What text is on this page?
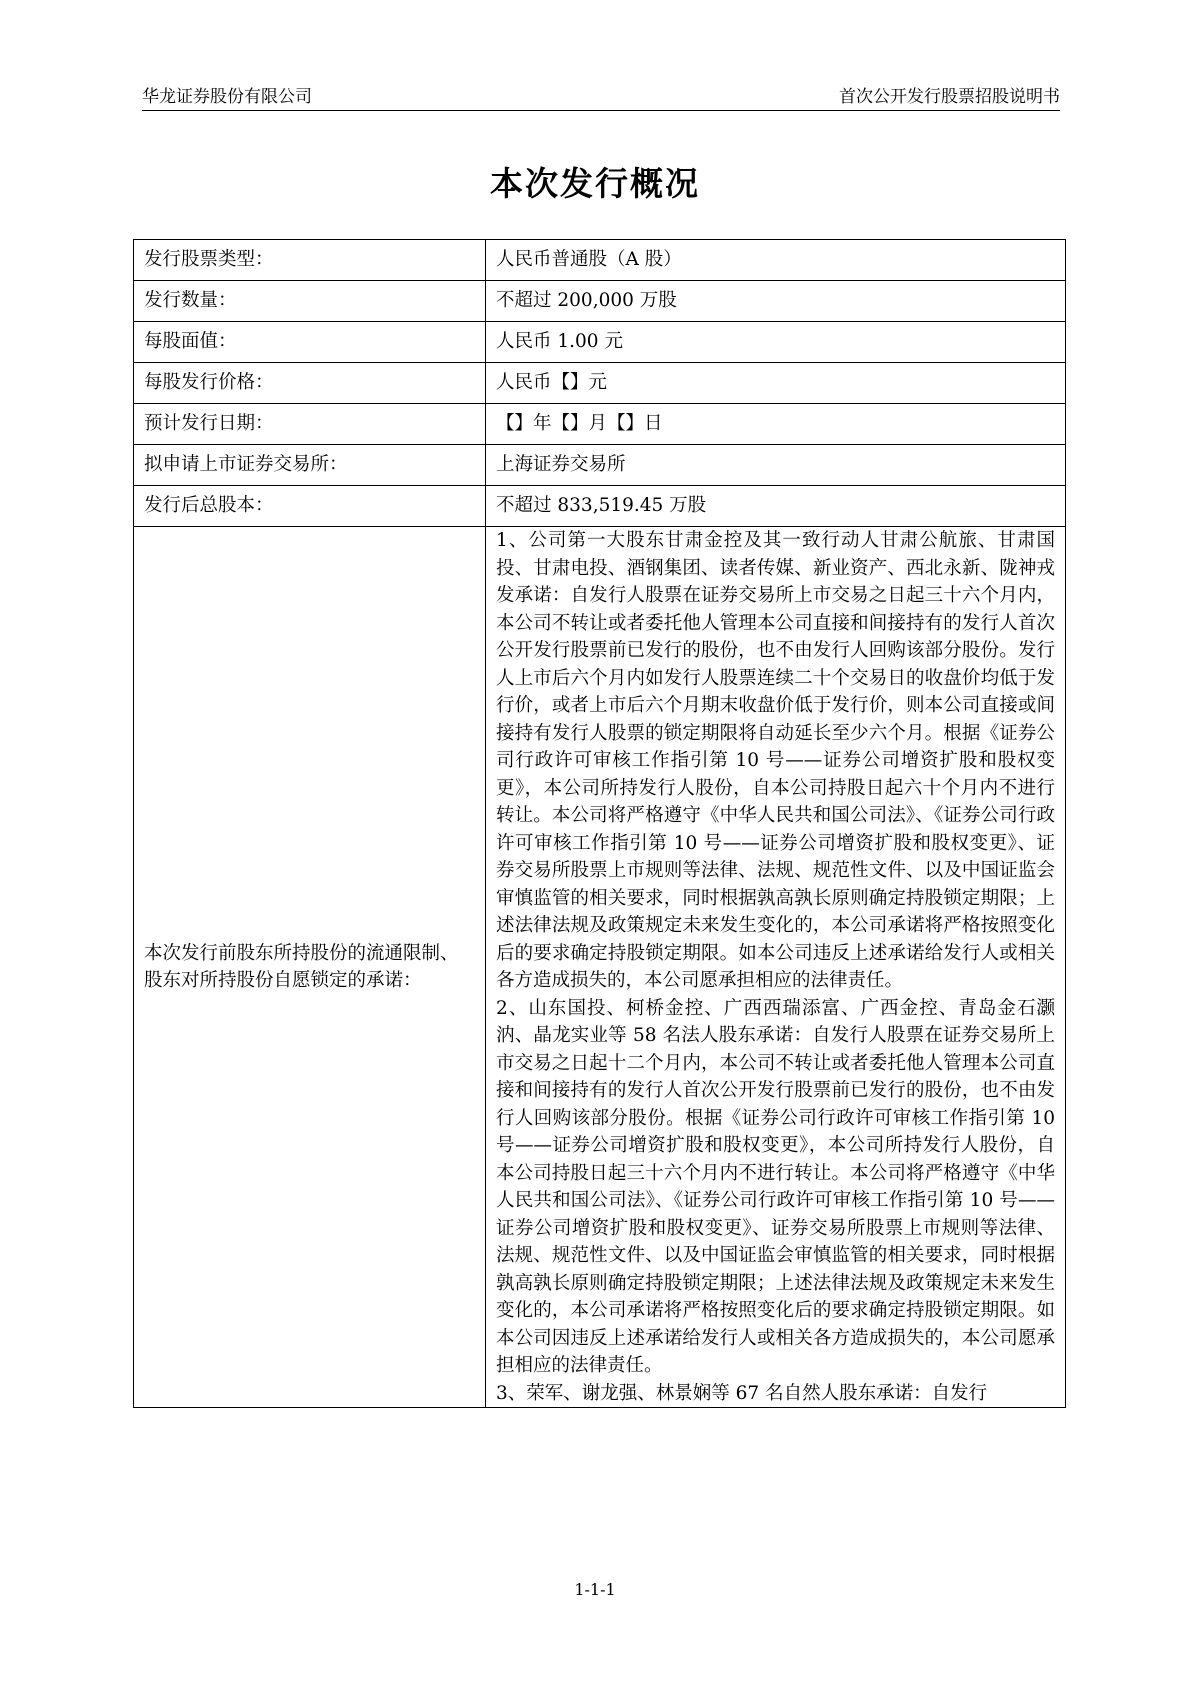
华龙证券股份有限公司	首次公开发行股票招股说明书
本次发行概况
发行股票类型：	人民币普通股（A 股）
发行数量：	不超过 200,000 万股
每股面值：	人民币 1.00 元
每股发行价格：	人民币【】元
预计发行日期：	【】年【】月【】日
拟申请上市证券交易所：	上海证券交易所
发行后总股本：	不超过 833,519.45 万股
本次发行前股东所持股份的流通限制、股东对所持股份自愿锁定的承诺：	1、公司第一大股东甘肃金控及其一致行动人甘肃公航旅、甘肃国投、甘肃电投、酒钢集团、读者传媒、新业资产、西北永新、陇神戎发承诺：自发行人股票在证券交易所上市交易之日起三十六个月内，本公司不转让或者委托他人管理本公司直接和间接持有的发行人首次公开发行股票前已发行的股份，也不由发行人回购该部分股份。发行人上市后六个月内如发行人股票连续二十个交易日的收盘价均低于发行价，或者上市后六个月期末收盘价低于发行价，则本公司直接或间接持有发行人股票的锁定期限将自动延长至少六个月。根据《证券公司行政许可审核工作指引第 10 号——证券公司增资扩股和股权变更》，本公司所持发行人股份，自本公司持股日起六十个月内不进行转让。本公司将严格遵守《中华人民共和国公司法》、《证券公司行政许可审核工作指引第 10 号——证券公司增资扩股和股权变更》、证券交易所股票上市规则等法律、法规、规范性文件、以及中国证监会审慎监管的相关要求，同时根据孰高孰长原则确定持股锁定期限；上述法律法规及政策规定未来发生变化的，本公司承诺将严格按照变化后的要求确定持股锁定期限。如本公司违反上述承诺给发行人或相关各方造成损失的，本公司愿承担相应的法律责任。

2、山东国投、柯桥金控、广西西瑞添富、广西金控、青岛金石灏汭、晶龙实业等 58 名法人股东承诺：自发行人股票在证券交易所上市交易之日起十二个月内，本公司不转让或者委托他人管理本公司直接和间接持有的发行人首次公开发行股票前已发行的股份，也不由发行人回购该部分股份。根据《证券公司行政许可审核工作指引第 10 号——证券公司增资扩股和股权变更》，本公司所持发行人股份，自本公司持股日起三十六个月内不进行转让。本公司将严格遵守《中华人民共和国公司法》、《证券公司行政许可审核工作指引第 10 号——证券公司增资扩股和股权变更》、证券交易所股票上市规则等法律、法规、规范性文件、以及中国证监会审慎监管的相关要求，同时根据孰高孰长原则确定持股锁定期限；上述法律法规及政策规定未来发生变化的，本公司承诺将严格按照变化后的要求确定持股锁定期限。如本公司因违反上述承诺给发行人或相关各方造成损失的，本公司愿承担相应的法律责任。

3、荣军、谢龙强、林景娴等 67 名自然人股东承诺：自发行

1-1-1
